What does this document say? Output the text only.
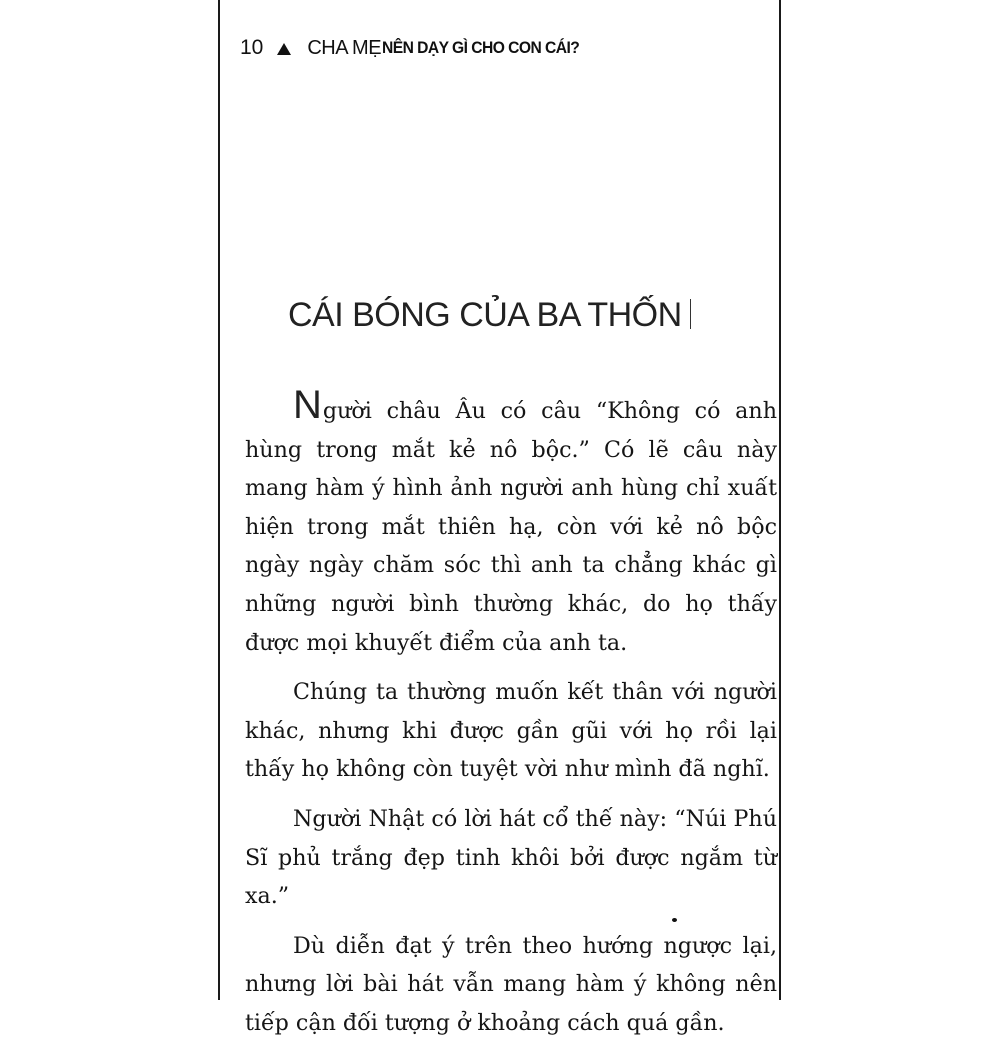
10 CHA MẸ NÊN DẠY GÌ CHO CON CÁI?
CÁI BÓNG CỦA BA THỐN

Người châu Âu có câu “Không có anh hùng trong mắt kẻ nô bộc.” Có lẽ câu này mang hàm ý hình ảnh người anh hùng chỉ xuất hiện trong mắt thiên hạ, còn với kẻ nô bộc ngày ngày chăm sóc thì anh ta chẳng khác gì những người bình thường khác, do họ thấy được mọi khuyết điểm của anh ta.

Chúng ta thường muốn kết thân với người khác, nhưng khi được gần gũi với họ rồi lại thấy họ không còn tuyệt vời như mình đã nghĩ.

Người Nhật có lời hát cổ thế này: “Núi Phú Sĩ phủ trắng đẹp tinh khôi bởi được ngắm từ xa.”

Dù diễn đạt ý trên theo hướng ngược lại, nhưng lời bài hát vẫn mang hàm ý không nên tiếp cận đối tượng ở khoảng cách quá gần.
